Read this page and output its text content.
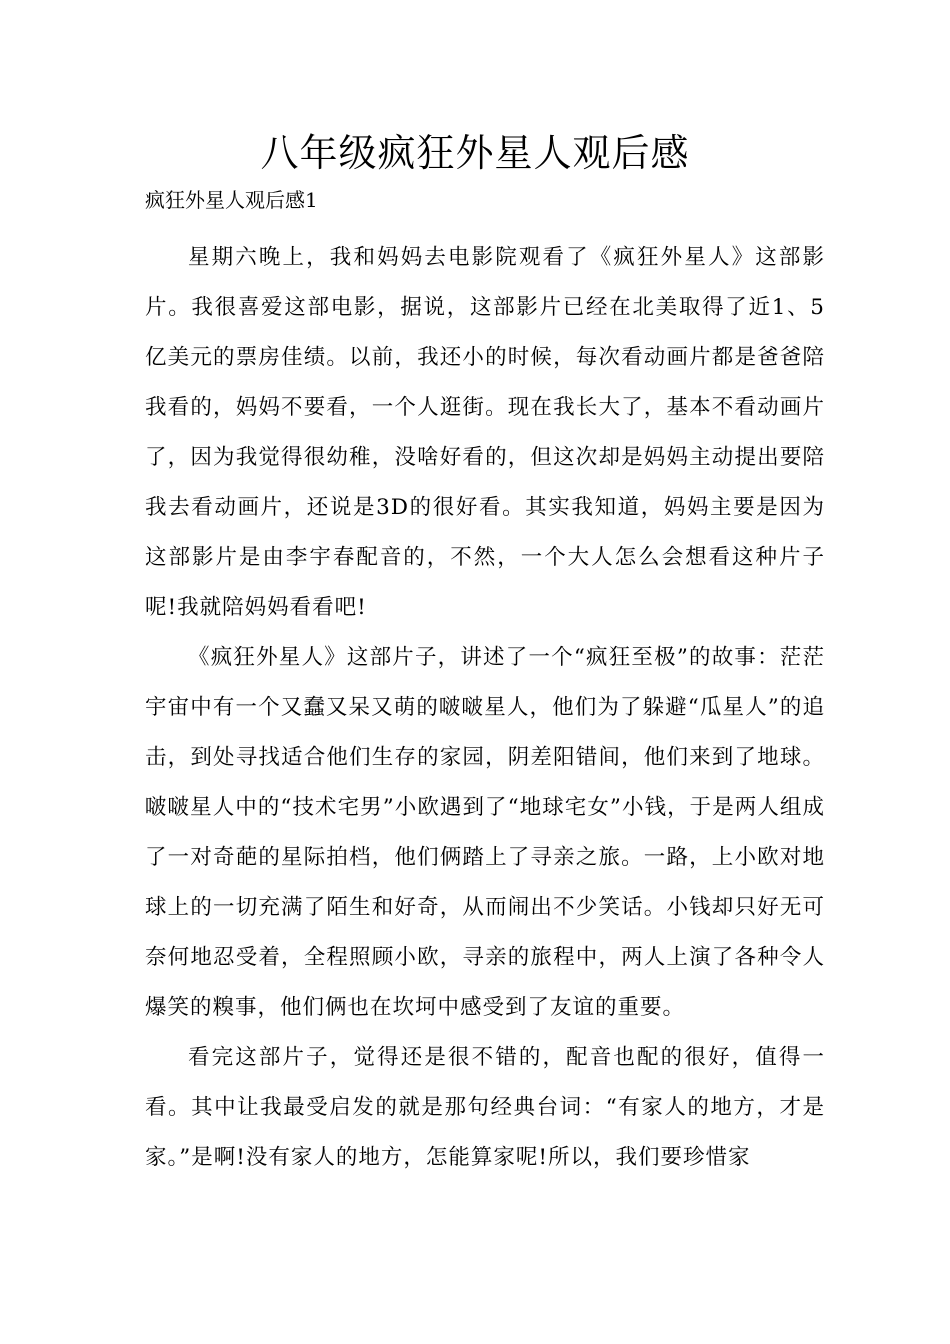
八年级疯狂外星人观后感
疯狂外星人观后感1

星期六晚上，我和妈妈去电影院观看了《疯狂外星人》这部影片。我很喜爱这部电影，据说，这部影片已经在北美取得了近1、5亿美元的票房佳绩。以前，我还小的时候，每次看动画片都是爸爸陪我看的，妈妈不要看，一个人逛街。现在我长大了，基本不看动画片了，因为我觉得很幼稚，没啥好看的，但这次却是妈妈主动提出要陪我去看动画片，还说是3D的很好看。其实我知道，妈妈主要是因为这部影片是由李宇春配音的，不然，一个大人怎么会想看这种片子呢!我就陪妈妈看看吧!

《疯狂外星人》这部片子，讲述了一个“疯狂至极”的故事：茫茫宇宙中有一个又蠢又呆又萌的啵啵星人，他们为了躲避“瓜星人”的追击，到处寻找适合他们生存的家园，阴差阳错间，他们来到了地球。啵啵星人中的“技术宅男”小欧遇到了“地球宅女”小钱，于是两人组成了一对奇葩的星际拍档，他们俩踏上了寻亲之旅。一路，上小欧对地球上的一切充满了陌生和好奇，从而闹出不少笑话。小钱却只好无可奈何地忍受着，全程照顾小欧，寻亲的旅程中，两人上演了各种令人爆笑的糗事，他们俩也在坎坷中感受到了友谊的重要。

看完这部片子，觉得还是很不错的，配音也配的很好，值得一看。其中让我最受启发的就是那句经典台词：“有家人的地方，才是家。”是啊!没有家人的地方，怎能算家呢!所以，我们要珍惜家
